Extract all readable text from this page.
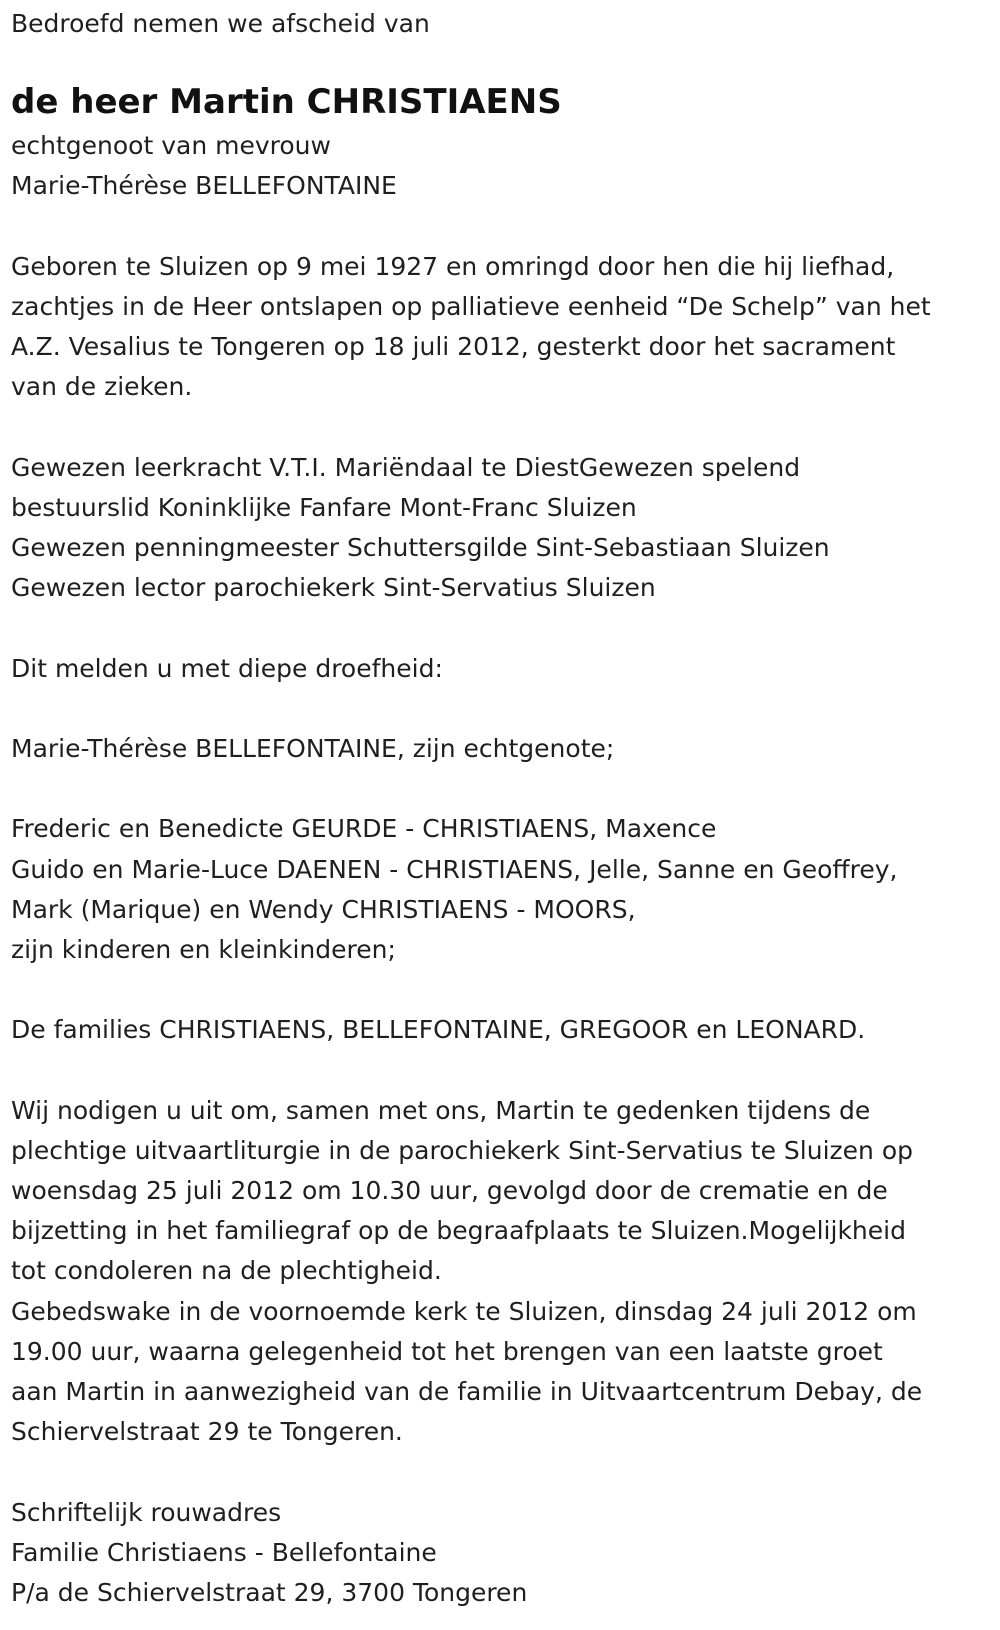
Bedroefd nemen we afscheid van
de heer Martin CHRISTIAENS
echtgenoot van mevrouw
Marie-Thérèse BELLEFONTAINE
Geboren te Sluizen op 9 mei 1927 en omringd door hen die hij liefhad,
zachtjes in de Heer ontslapen op palliatieve eenheid “De Schelp” van het
A.Z. Vesalius te Tongeren op 18 juli 2012, gesterkt door het sacrament
van de zieken.
Gewezen leerkracht V.T.I. Mariëndaal te DiestGewezen spelend
bestuurslid Koninklijke Fanfare Mont-Franc Sluizen
Gewezen penningmeester Schuttersgilde Sint-Sebastiaan Sluizen
Gewezen lector parochiekerk Sint-Servatius Sluizen
Dit melden u met diepe droefheid:
Marie-Thérèse BELLEFONTAINE, zijn echtgenote;
Frederic en Benedicte GEURDE - CHRISTIAENS, Maxence
Guido en Marie-Luce DAENEN - CHRISTIAENS, Jelle, Sanne en Geoffrey,
Mark (Marique) en Wendy CHRISTIAENS - MOORS,
zijn kinderen en kleinkinderen;
De families CHRISTIAENS, BELLEFONTAINE, GREGOOR en LEONARD.
Wij nodigen u uit om, samen met ons, Martin te gedenken tijdens de
plechtige uitvaartliturgie in de parochiekerk Sint-Servatius te Sluizen op
woensdag 25 juli 2012 om 10.30 uur, gevolgd door de crematie en de
bijzetting in het familiegraf op de begraafplaats te Sluizen.Mogelijkheid
tot condoleren na de plechtigheid.
Gebedswake in de voornoemde kerk te Sluizen, dinsdag 24 juli 2012 om
19.00 uur, waarna gelegenheid tot het brengen van een laatste groet
aan Martin in aanwezigheid van de familie in Uitvaartcentrum Debay, de
Schiervelstraat 29 te Tongeren.
Schriftelijk rouwadres
Familie Christiaens - Bellefontaine
P/a de Schiervelstraat 29, 3700 Tongeren
